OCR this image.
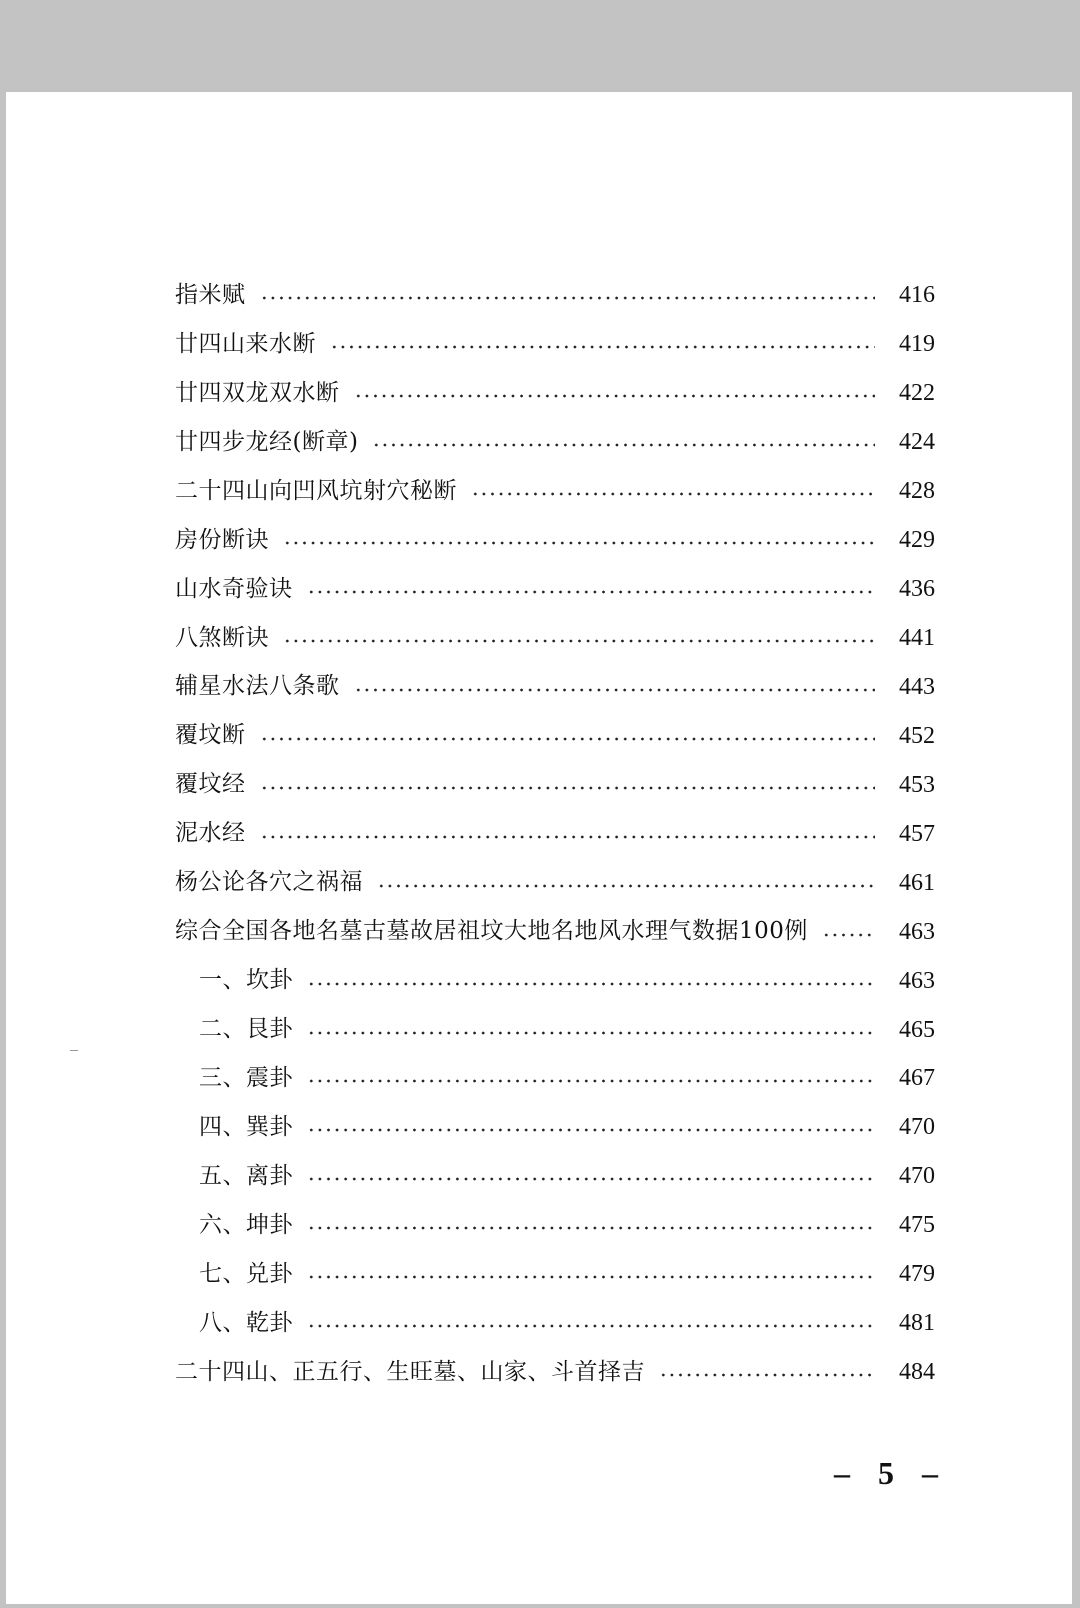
指米赋	416
廿四山来水断	419
廿四双龙双水断	422
廿四步龙经(断章)	424
二十四山向凹风坑射穴秘断	428
房份断诀	429
山水奇验诀	436
八煞断诀	441
辅星水法八条歌	443
覆坟断	452
覆坟经	453
泥水经	457
杨公论各穴之祸福	461
综合全国各地名墓古墓故居祖坟大地名地风水理气数据100例	463
一、坎卦	463
二、艮卦	465
三、震卦	467
四、巽卦	470
五、离卦	470
六、坤卦	475
七、兑卦	479
八、乾卦	481
二十四山、正五行、生旺墓、山家、斗首择吉	484
– 5 –
